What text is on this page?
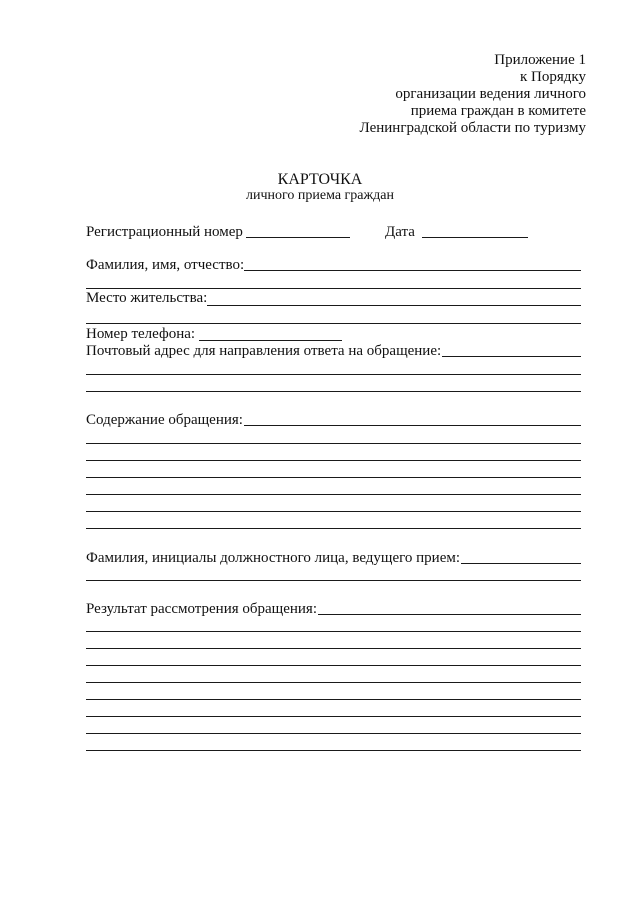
Приложение 1
к Порядку
организации ведения личного
приема граждан в комитете
Ленинградской области по туризму
КАРТОЧКА
личного приема граждан
Регистрационный номер	Дата
Фамилия, имя, отчество:
Место жительства:
Номер телефона:
Почтовый адрес для направления ответа на обращение:
Содержание обращения:
Фамилия, инициалы должностного лица, ведущего прием:
Результат рассмотрения обращения:
